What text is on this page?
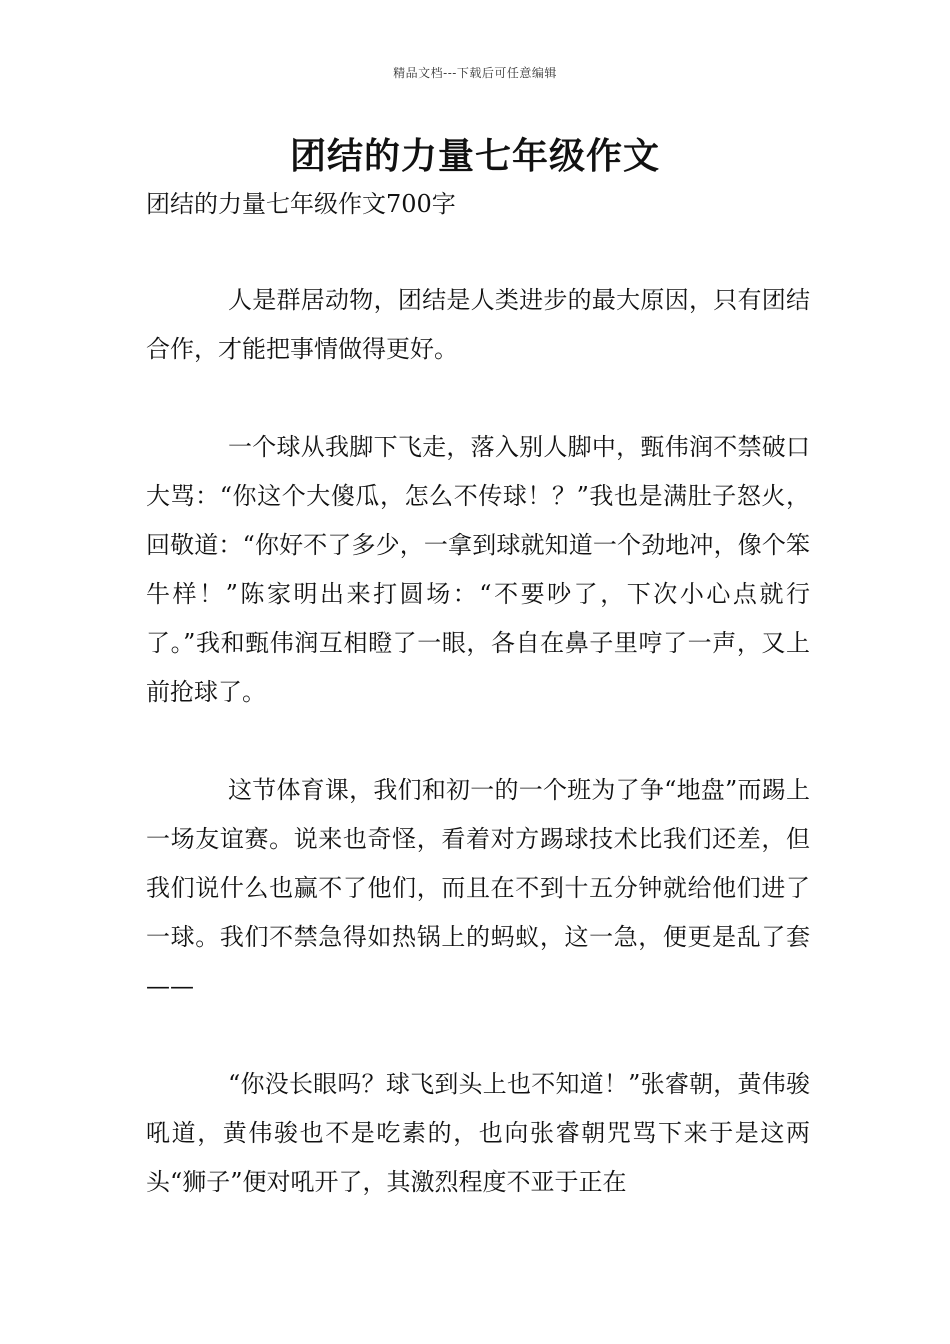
精品文档---下载后可任意编辑
团结的力量七年级作文
团结的力量七年级作文700字

人是群居动物，团结是人类进步的最大原因，只有团结合作，才能把事情做得更好。

一个球从我脚下飞走，落入别人脚中，甄伟润不禁破口大骂：“你这个大傻瓜，怎么不传球！？”我也是满肚子怒火，回敬道：“你好不了多少，一拿到球就知道一个劲地冲，像个笨牛样！”陈家明出来打圆场：“不要吵了，下次小心点就行了。”我和甄伟润互相瞪了一眼，各自在鼻子里哼了一声，又上前抢球了。

这节体育课，我们和初一的一个班为了争“地盘”而踢上一场友谊赛。说来也奇怪，看着对方踢球技术比我们还差，但我们说什么也赢不了他们，而且在不到十五分钟就给他们进了一球。我们不禁急得如热锅上的蚂蚁，这一急，便更是乱了套——

“你没长眼吗？球飞到头上也不知道！”张睿朝，黄伟骏吼道，黄伟骏也不是吃素的，也向张睿朝咒骂下来于是这两头“狮子”便对吼开了，其激烈程度不亚于正在
